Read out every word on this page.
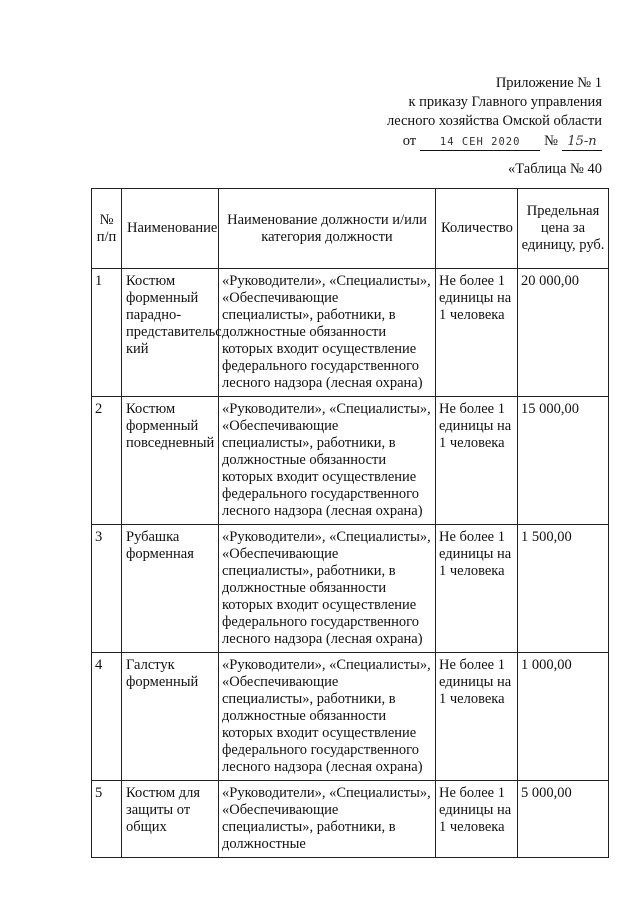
Приложение № 1
к приказу Главного управления
лесного хозяйства Омской области
от	14 СЕН 2020	№ 15-п
«Таблица № 40
№ п/п	Наименование	Наименование должности и/или категория должности	Количество	Предельная цена за единицу, руб.
1	Костюм форменный парадно-представительс кий	«Руководители», «Специалисты», «Обеспечивающие специалисты», работники, в должностные обязанности которых входит осуществление федерального государственного лесного надзора (лесная охрана)	Не более 1 единицы на 1 человека	20 000,00
2	Костюм форменный повседневный	«Руководители», «Специалисты», «Обеспечивающие специалисты», работники, в должностные обязанности которых входит осуществление федерального государственного лесного надзора (лесная охрана)	Не более 1 единицы на 1 человека	15 000,00
3	Рубашка форменная	«Руководители», «Специалисты», «Обеспечивающие специалисты», работники, в должностные обязанности которых входит осуществление федерального государственного лесного надзора (лесная охрана)	Не более 1 единицы на 1 человека	1 500,00
4	Галстук форменный	«Руководители», «Специалисты», «Обеспечивающие специалисты», работники, в должностные обязанности которых входит осуществление федерального государственного лесного надзора (лесная охрана)	Не более 1 единицы на 1 человека	1 000,00
5	Костюм для защиты от общих	«Руководители», «Специалисты», «Обеспечивающие специалисты», работники, в должностные	Не более 1 единицы на 1 человека	5 000,00
